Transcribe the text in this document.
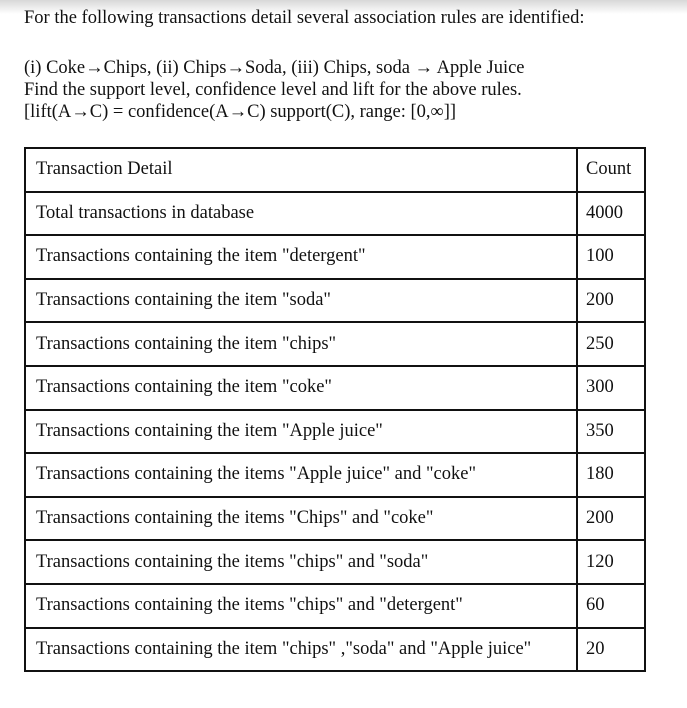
For the following transactions detail several association rules are identified:
(i) Coke→Chips, (ii) Chips→Soda, (iii) Chips, soda → Apple Juice
Find the support level, confidence level and lift for the above rules.
[lift(A→C) = confidence(A→C) support(C), range: [0,∞]]
Transaction Detail	Count
Total transactions in database	4000
Transactions containing the item "detergent"	100
Transactions containing the item "soda"	200
Transactions containing the item "chips"	250
Transactions containing the item "coke"	300
Transactions containing the item "Apple juice"	350
Transactions containing the items "Apple juice" and "coke"	180
Transactions containing the items "Chips" and "coke"	200
Transactions containing the items "chips" and "soda"	120
Transactions containing the items "chips" and "detergent"	60
Transactions containing the item "chips" ,"soda" and "Apple juice"	20
